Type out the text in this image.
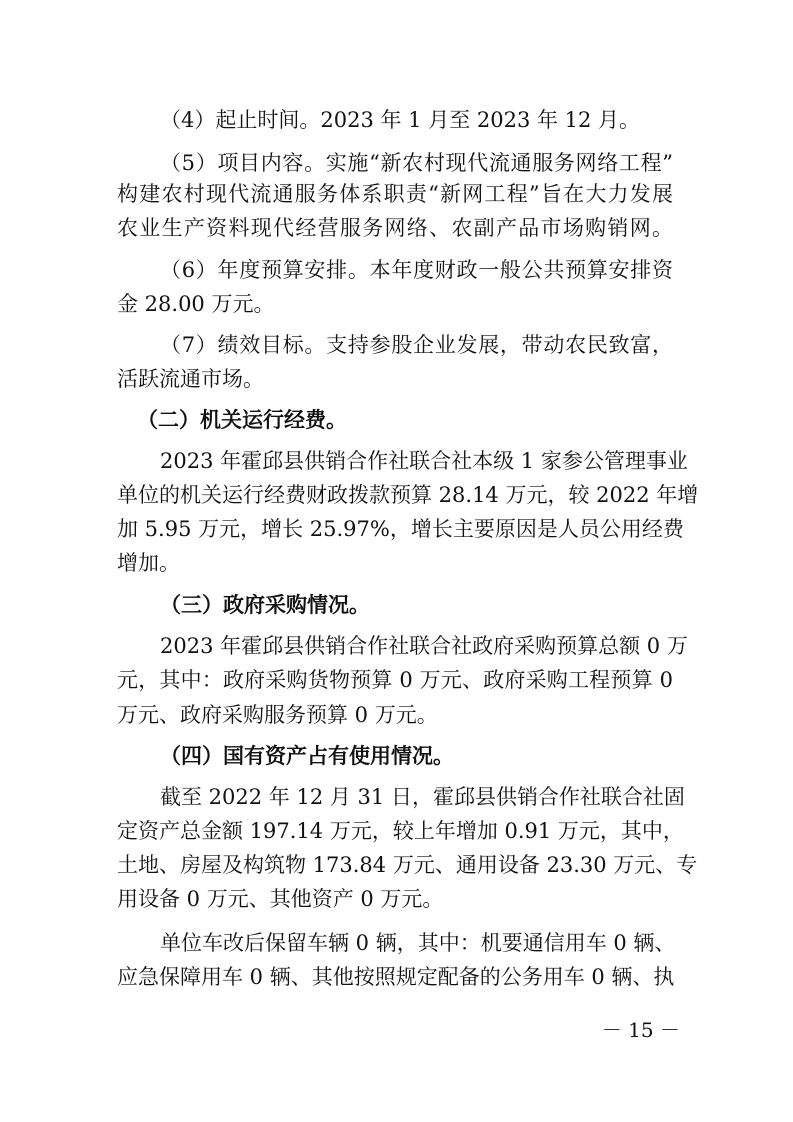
（4）起止时间。2023 年 1 月至 2023 年 12 月。
（5）项目内容。实施“新农村现代流通服务网络工程”
构建农村现代流通服务体系职责“新网工程”旨在大力发展
农业生产资料现代经营服务网络、农副产品市场购销网。
（6）年度预算安排。本年度财政一般公共预算安排资
金 28.00 万元。
（7）绩效目标。支持参股企业发展，带动农民致富，
活跃流通市场。
（二）机关运行经费。
2023 年霍邱县供销合作社联合社本级 1 家参公管理事业
单位的机关运行经费财政拨款预算 28.14 万元，较 2022 年增
加 5.95 万元，增长 25.97%，增长主要原因是人员公用经费
增加。
（三）政府采购情况。
2023 年霍邱县供销合作社联合社政府采购预算总额 0 万
元，其中：政府采购货物预算 0 万元、政府采购工程预算 0
万元、政府采购服务预算 0 万元。
（四）国有资产占有使用情况。
截至 2022 年 12 月 31 日，霍邱县供销合作社联合社固
定资产总金额 197.14 万元，较上年增加 0.91 万元，其中，
土地、房屋及构筑物 173.84 万元、通用设备 23.30 万元、专
用设备 0 万元、其他资产 0 万元。
单位车改后保留车辆 0 辆，其中：机要通信用车 0 辆、
应急保障用车 0 辆、其他按照规定配备的公务用车 0 辆、执
－ 15 －
